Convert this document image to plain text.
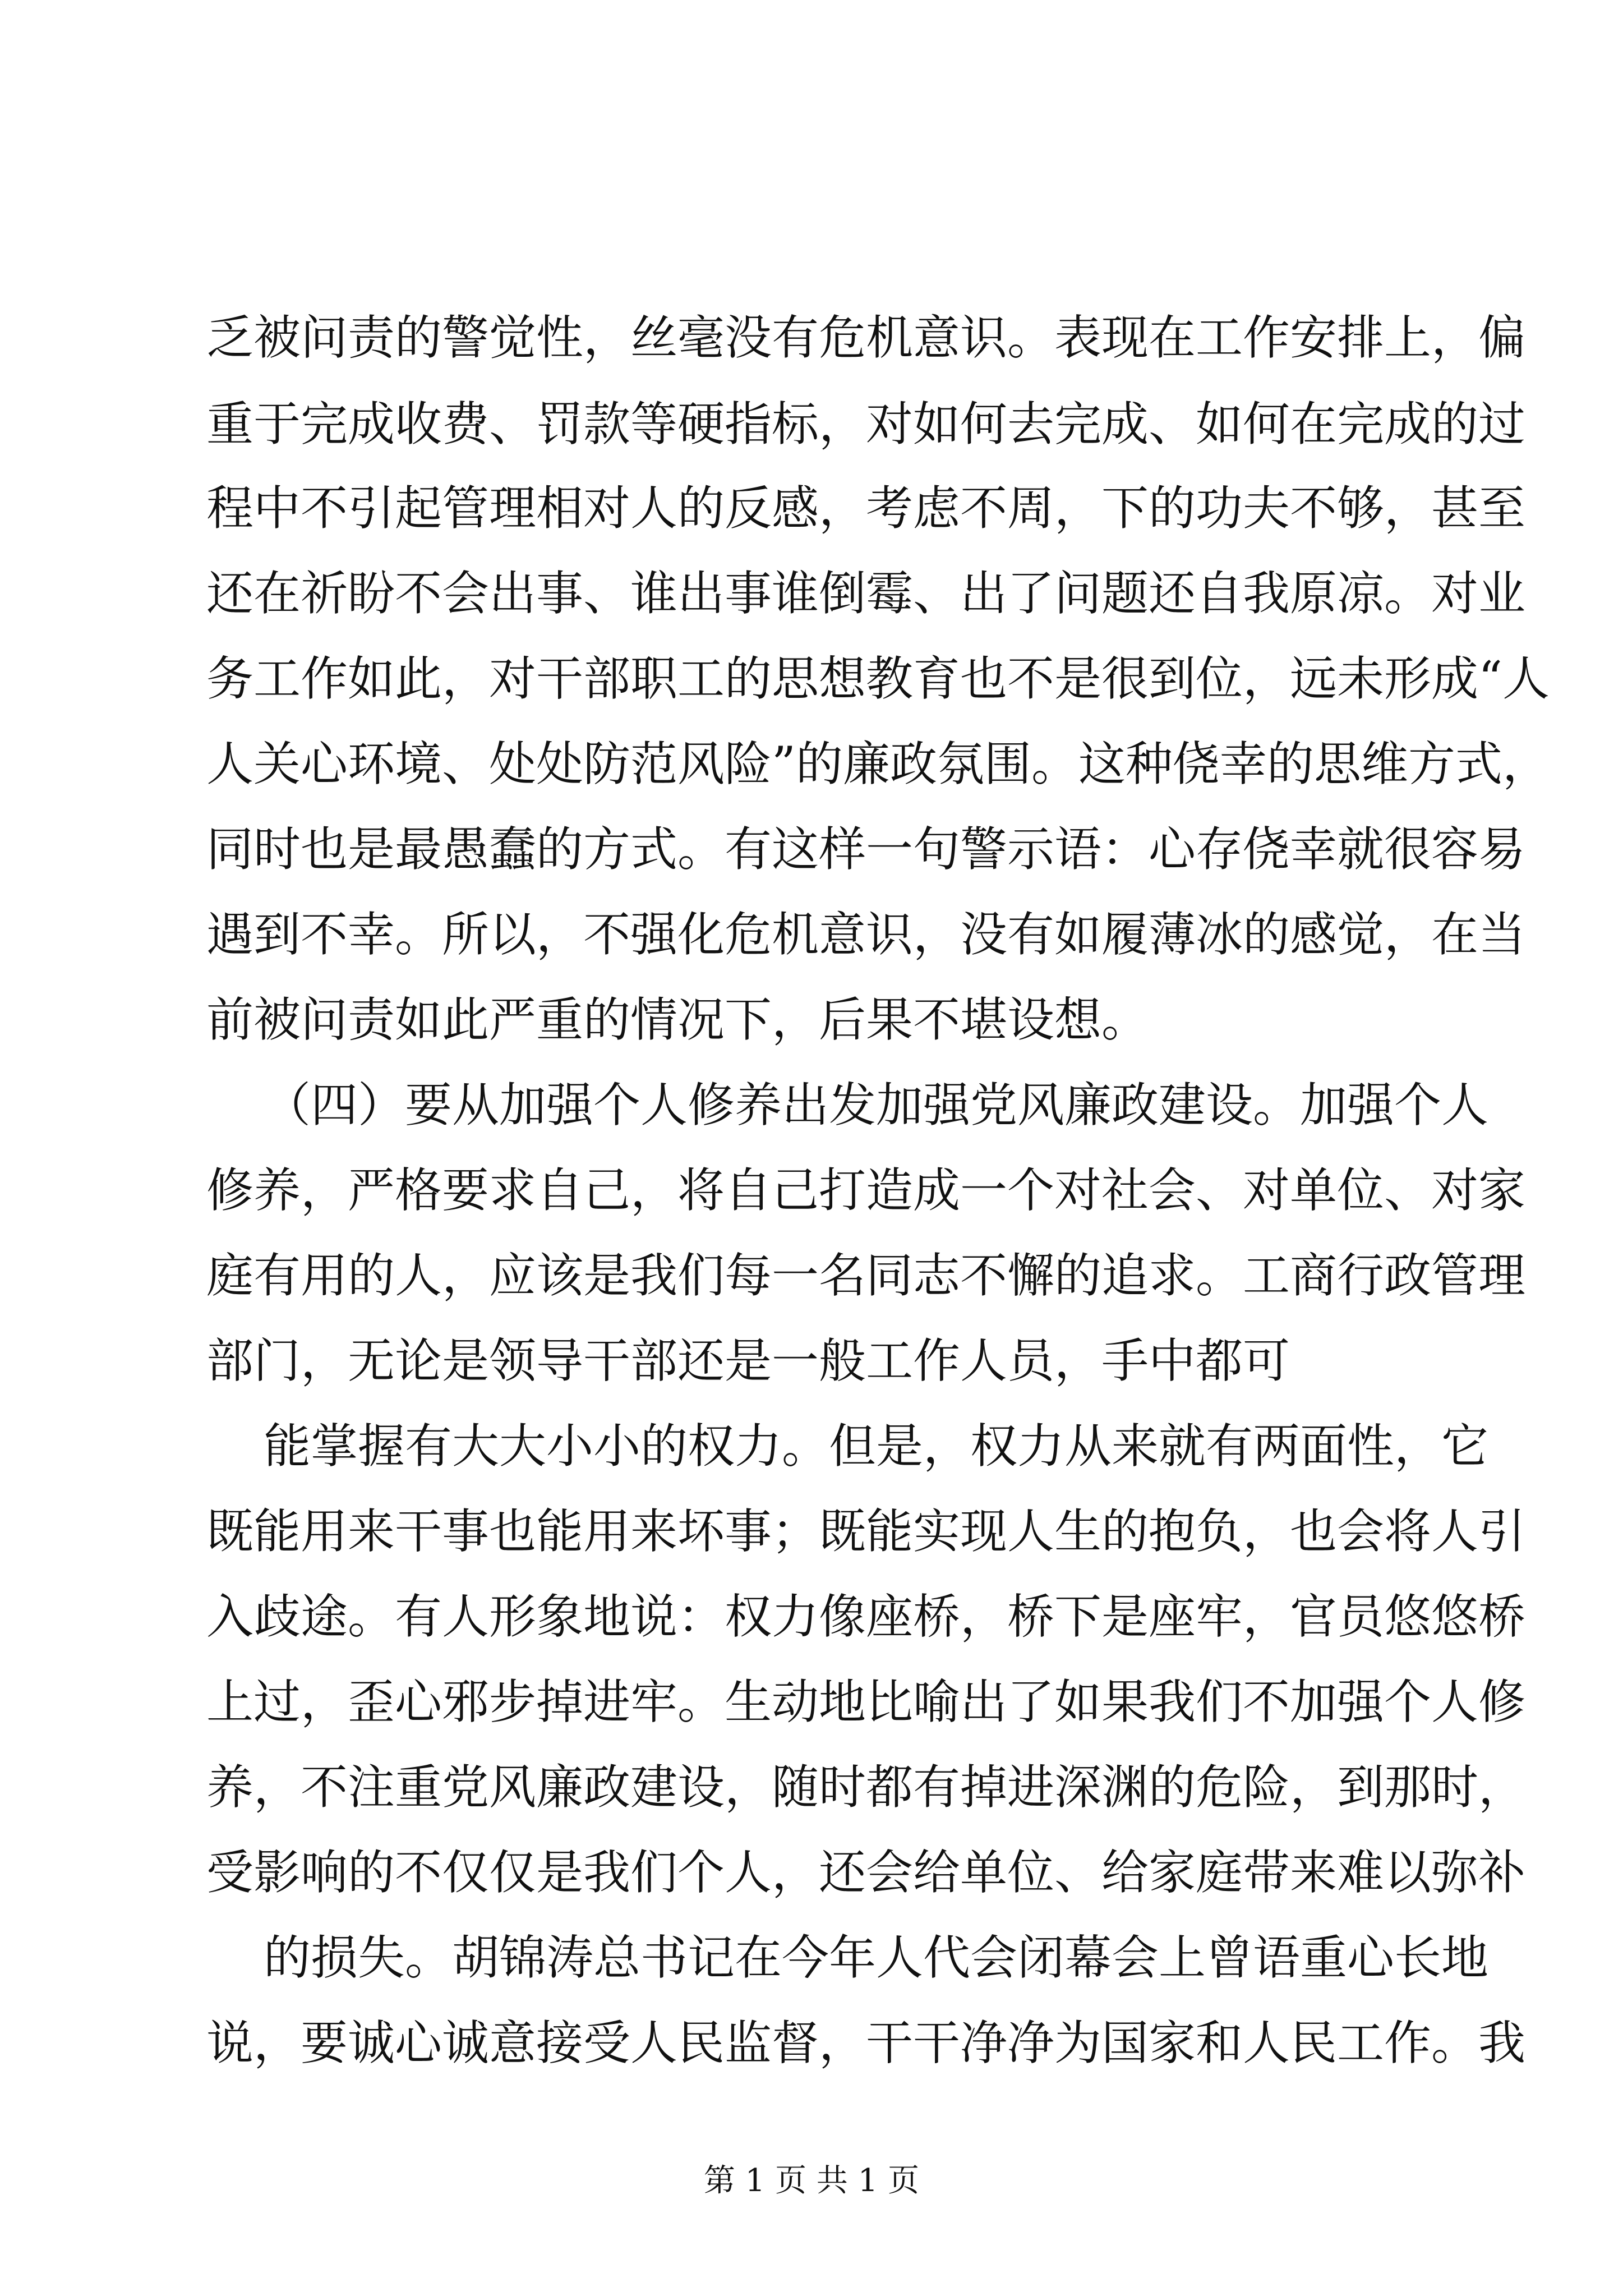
乏被问责的警觉性，丝毫没有危机意识。表现在工作安排上，偏
重于完成收费、罚款等硬指标，对如何去完成、如何在完成的过
程中不引起管理相对人的反感，考虑不周，下的功夫不够，甚至
还在祈盼不会出事、谁出事谁倒霉、出了问题还自我原凉。对业
务工作如此，对干部职工的思想教育也不是很到位，远未形成“人
人关心环境、处处防范风险”的廉政氛围。这种侥幸的思维方式，
同时也是最愚蠢的方式。有这样一句警示语：心存侥幸就很容易
遇到不幸。所以，不强化危机意识，没有如履薄冰的感觉，在当
前被问责如此严重的情况下，后果不堪设想。
（四）要从加强个人修养出发加强党风廉政建设。加强个人
修养，严格要求自己，将自己打造成一个对社会、对单位、对家
庭有用的人，应该是我们每一名同志不懈的追求。工商行政管理
部门，无论是领导干部还是一般工作人员，手中都可
能掌握有大大小小的权力。但是，权力从来就有两面性，它
既能用来干事也能用来坏事；既能实现人生的抱负，也会将人引
入歧途。有人形象地说：权力像座桥，桥下是座牢，官员悠悠桥
上过，歪心邪步掉进牢。生动地比喻出了如果我们不加强个人修
养，不注重党风廉政建设，随时都有掉进深渊的危险，到那时，
受影响的不仅仅是我们个人，还会给单位、给家庭带来难以弥补
的损失。胡锦涛总书记在今年人代会闭幕会上曾语重心长地
说，要诚心诚意接受人民监督，干干净净为国家和人民工作。我
第 1 页 共 1 页
